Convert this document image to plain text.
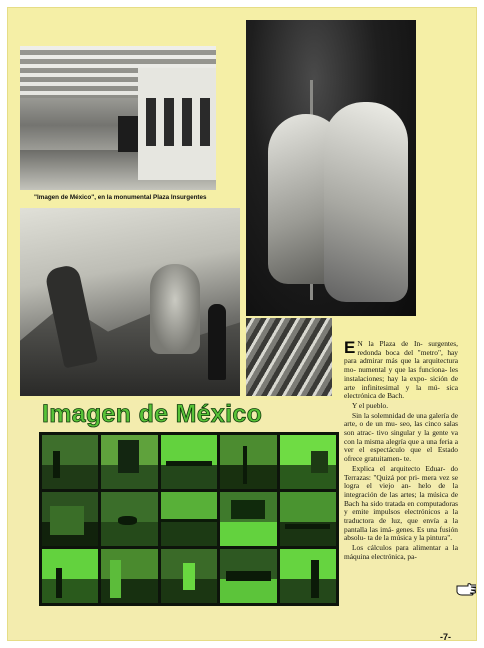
"Imagen de México", en la monumental Plaza Insurgentes
Imagen de México

E N la Plaza de In- surgentes, redonda boca del "metro", hay para admirar más que la arquitectura mo- numental y que las funciona- les instalaciones; hay la expo- sición de arte infinitesimal y la mú- sica electrónica de Bach.

Y el pueblo.

Sin la solemnidad de una galería de arte, o de un mu- seo, las cinco salas son atrac- tivo singular y la gente va con la misma alegría que a una feria a ver el espectáculo que el Estado ofrece gratuitamen- te.

Explica el arquitecto Eduar- do Terrazas: "Quizá por pri- mera vez se logra el viejo an- helo de la integración de las artes; la música de Bach ha sido tratada en computadoras y emite impulsos electrónicos a la traductora de luz, que envía a la pantalla las imá- genes. Es una fusión absolu- ta de la música y la pintura".

Los cálculos para alimentar a la máquina electrónica, pa-

-7-
